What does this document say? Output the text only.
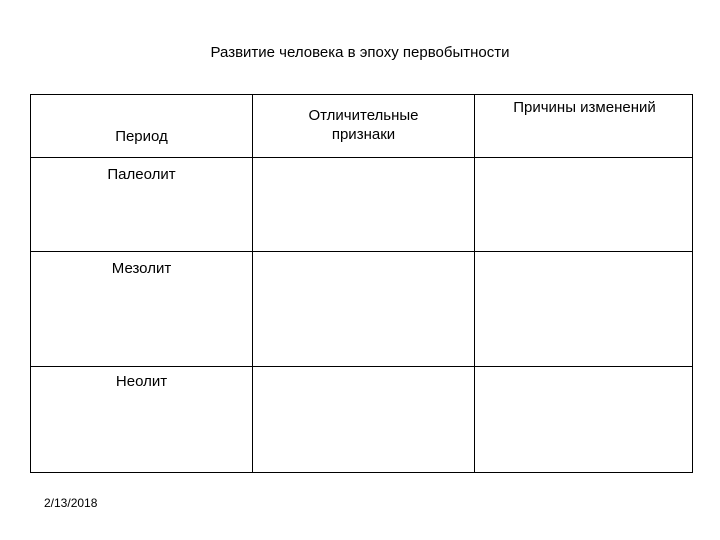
Развитие человека в эпоху первобытности
Период
Отличительные
признаки
Причины изменений
Палеолит
Мезолит
Неолит
2/13/2018
